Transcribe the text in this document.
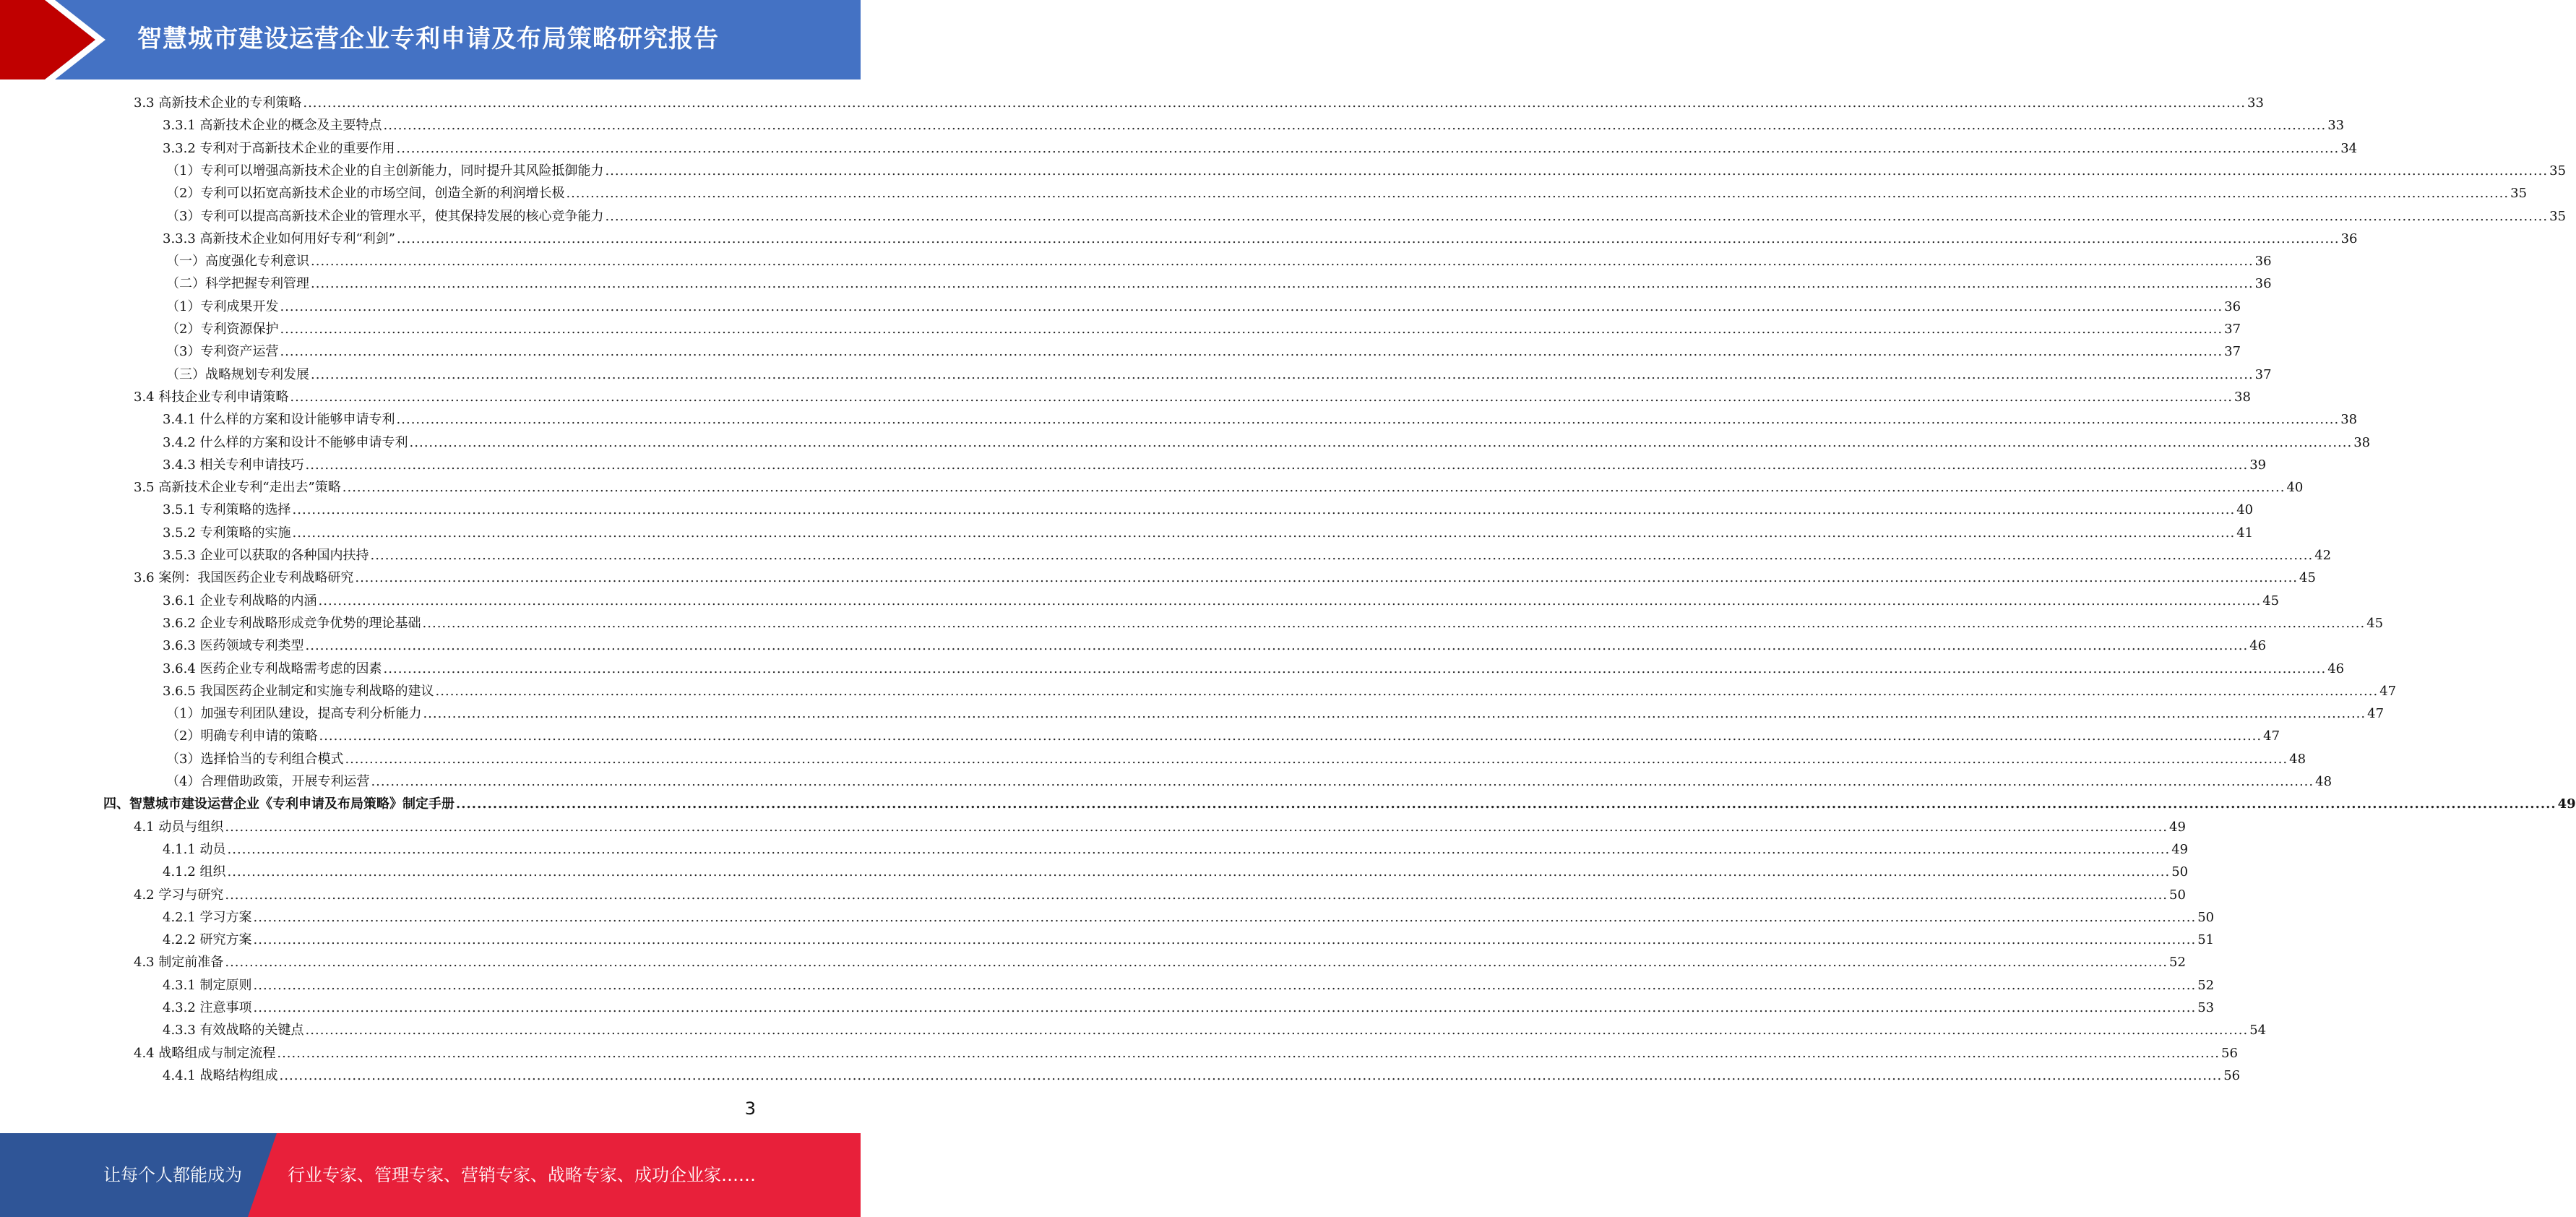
智慧城市建设运营企业专利申请及布局策略研究报告
3.3 高新技术企业的专利策略 ................................................................................................................................................................................................................................................................................................................................................................................................................ 33
3.3.1 高新技术企业的概念及主要特点 ................................................................................................................................................................................................................................................................................................................................................................................................................ 33
3.3.2 专利对于高新技术企业的重要作用 ................................................................................................................................................................................................................................................................................................................................................................................................................ 34
（1）专利可以增强高新技术企业的自主创新能力，同时提升其风险抵御能力 ................................................................................................................................................................................................................................................................................................................................................................................................................ 35
（2）专利可以拓宽高新技术企业的市场空间，创造全新的利润增长极 ................................................................................................................................................................................................................................................................................................................................................................................................................ 35
（3）专利可以提高高新技术企业的管理水平，使其保持发展的核心竞争能力 ................................................................................................................................................................................................................................................................................................................................................................................................................ 35
3.3.3 高新技术企业如何用好专利“利剑” ................................................................................................................................................................................................................................................................................................................................................................................................................ 36
（一）高度强化专利意识 ................................................................................................................................................................................................................................................................................................................................................................................................................ 36
（二）科学把握专利管理 ................................................................................................................................................................................................................................................................................................................................................................................................................ 36
（1）专利成果开发 ................................................................................................................................................................................................................................................................................................................................................................................................................ 36
（2）专利资源保护 ................................................................................................................................................................................................................................................................................................................................................................................................................ 37
（3）专利资产运营 ................................................................................................................................................................................................................................................................................................................................................................................................................ 37
（三）战略规划专利发展 ................................................................................................................................................................................................................................................................................................................................................................................................................ 37
3.4 科技企业专利申请策略 ................................................................................................................................................................................................................................................................................................................................................................................................................ 38
3.4.1 什么样的方案和设计能够申请专利 ................................................................................................................................................................................................................................................................................................................................................................................................................ 38
3.4.2 什么样的方案和设计不能够申请专利 ................................................................................................................................................................................................................................................................................................................................................................................................................ 38
3.4.3 相关专利申请技巧 ................................................................................................................................................................................................................................................................................................................................................................................................................ 39
3.5 高新技术企业专利“走出去”策略 ................................................................................................................................................................................................................................................................................................................................................................................................................ 40
3.5.1 专利策略的选择 ................................................................................................................................................................................................................................................................................................................................................................................................................ 40
3.5.2 专利策略的实施 ................................................................................................................................................................................................................................................................................................................................................................................................................ 41
3.5.3 企业可以获取的各种国内扶持 ................................................................................................................................................................................................................................................................................................................................................................................................................ 42
3.6 案例：我国医药企业专利战略研究 ................................................................................................................................................................................................................................................................................................................................................................................................................ 45
3.6.1 企业专利战略的内涵 ................................................................................................................................................................................................................................................................................................................................................................................................................ 45
3.6.2 企业专利战略形成竞争优势的理论基础 ................................................................................................................................................................................................................................................................................................................................................................................................................ 45
3.6.3 医药领域专利类型 ................................................................................................................................................................................................................................................................................................................................................................................................................ 46
3.6.4 医药企业专利战略需考虑的因素 ................................................................................................................................................................................................................................................................................................................................................................................................................ 46
3.6.5 我国医药企业制定和实施专利战略的建议 ................................................................................................................................................................................................................................................................................................................................................................................................................ 47
（1）加强专利团队建设，提高专利分析能力 ................................................................................................................................................................................................................................................................................................................................................................................................................ 47
（2）明确专利申请的策略 ................................................................................................................................................................................................................................................................................................................................................................................................................ 47
（3）选择恰当的专利组合模式 ................................................................................................................................................................................................................................................................................................................................................................................................................ 48
（4）合理借助政策，开展专利运营 ................................................................................................................................................................................................................................................................................................................................................................................................................ 48
四、智慧城市建设运营企业《专利申请及布局策略》制定手册 ................................................................................................................................................................................................................................................................................................................................................................................................................ 49
4.1 动员与组织 ................................................................................................................................................................................................................................................................................................................................................................................................................ 49
4.1.1 动员 ................................................................................................................................................................................................................................................................................................................................................................................................................ 49
4.1.2 组织 ................................................................................................................................................................................................................................................................................................................................................................................................................ 50
4.2 学习与研究 ................................................................................................................................................................................................................................................................................................................................................................................................................ 50
4.2.1 学习方案 ................................................................................................................................................................................................................................................................................................................................................................................................................ 50
4.2.2 研究方案 ................................................................................................................................................................................................................................................................................................................................................................................................................ 51
4.3 制定前准备 ................................................................................................................................................................................................................................................................................................................................................................................................................ 52
4.3.1 制定原则 ................................................................................................................................................................................................................................................................................................................................................................................................................ 52
4.3.2 注意事项 ................................................................................................................................................................................................................................................................................................................................................................................................................ 53
4.3.3 有效战略的关键点 ................................................................................................................................................................................................................................................................................................................................................................................................................ 54
4.4 战略组成与制定流程 ................................................................................................................................................................................................................................................................................................................................................................................................................ 56
4.4.1 战略结构组成 ................................................................................................................................................................................................................................................................................................................................................................................................................ 56
3
让每个人都能成为	行业专家、管理专家、营销专家、战略专家、成功企业家……
